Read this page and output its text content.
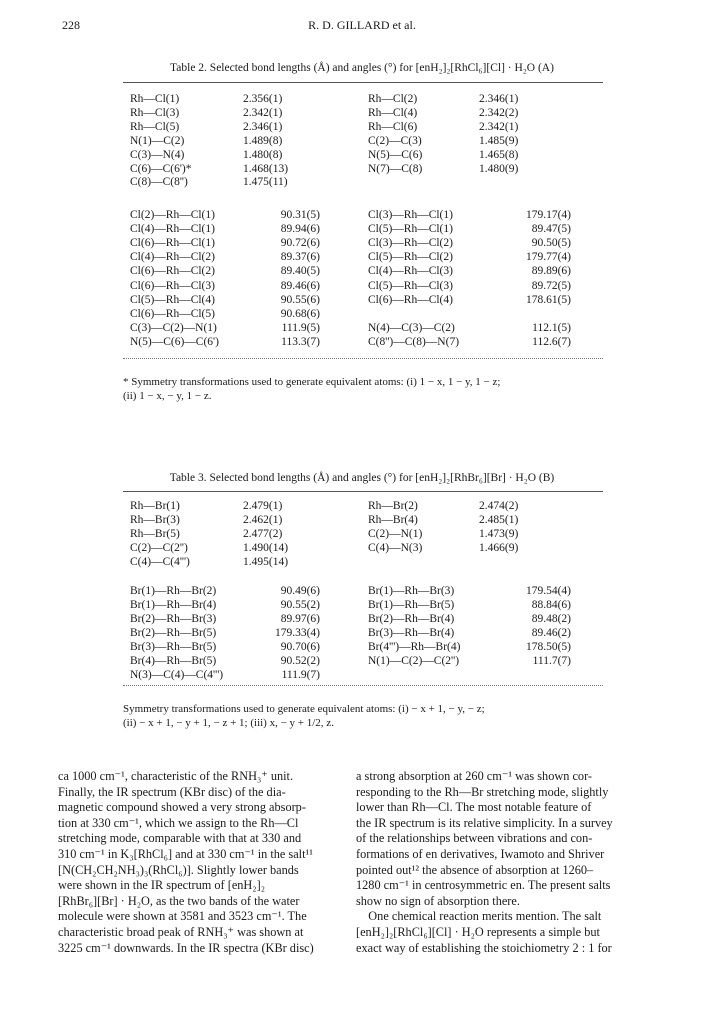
228	R. D. GILLARD et al.
Table 2. Selected bond lengths (Å) and angles (°) for [enH₂]₂[RhCl₆][Cl] · H₂O (A)
Rh—Cl(1)	2.356(1)	Rh—Cl(2)	2.346(1)
Rh—Cl(3)	2.342(1)	Rh—Cl(4)	2.342(2)
Rh—Cl(5)	2.346(1)	Rh—Cl(6)	2.342(1)
N(1)—C(2)	1.489(8)	C(2)—C(3)	1.485(9)
C(3)—N(4)	1.480(8)	N(5)—C(6)	1.465(8)
C(6)—C(6')*	1.468(13)	N(7)—C(8)	1.480(9)
C(8)—C(8'')	1.475(11)
Cl(2)—Rh—Cl(1)	90.31(5)	Cl(3)—Rh—Cl(1)	179.17(4)
Cl(4)—Rh—Cl(1)	89.94(6)	Cl(5)—Rh—Cl(1)	89.47(5)
Cl(6)—Rh—Cl(1)	90.72(6)	Cl(3)—Rh—Cl(2)	90.50(5)
Cl(4)—Rh—Cl(2)	89.37(6)	Cl(5)—Rh—Cl(2)	179.77(4)
Cl(6)—Rh—Cl(2)	89.40(5)	Cl(4)—Rh—Cl(3)	89.89(6)
Cl(6)—Rh—Cl(3)	89.46(6)	Cl(5)—Rh—Cl(3)	89.72(5)
Cl(5)—Rh—Cl(4)	90.55(6)	Cl(6)—Rh—Cl(4)	178.61(5)
Cl(6)—Rh—Cl(5)	90.68(6)
C(3)—C(2)—N(1)	111.9(5)	N(4)—C(3)—C(2)	112.1(5)
N(5)—C(6)—C(6')	113.3(7)	C(8'')—C(8)—N(7)	112.6(7)
* Symmetry transformations used to generate equivalent atoms: (i) 1 − x, 1 − y, 1 − z;
(ii) 1 − x, − y, 1 − z.
Table 3. Selected bond lengths (Å) and angles (°) for [enH₂]₂[RhBr₆][Br] · H₂O (B)
Rh—Br(1)	2.479(1)	Rh—Br(2)	2.474(2)
Rh—Br(3)	2.462(1)	Rh—Br(4)	2.485(1)
Rh—Br(5)	2.477(2)	C(2)—N(1)	1.473(9)
C(2)—C(2'')	1.490(14)	C(4)—N(3)	1.466(9)
C(4)—C(4''')	1.495(14)
Br(1)—Rh—Br(2)	90.49(6)	Br(1)—Rh—Br(3)	179.54(4)
Br(1)—Rh—Br(4)	90.55(2)	Br(1)—Rh—Br(5)	88.84(6)
Br(2)—Rh—Br(3)	89.97(6)	Br(2)—Rh—Br(4)	89.48(2)
Br(2)—Rh—Br(5)	179.33(4)	Br(3)—Rh—Br(4)	89.46(2)
Br(3)—Rh—Br(5)	90.70(6)	Br(4''')—Rh—Br(4)	178.50(5)
Br(4)—Rh—Br(5)	90.52(2)	N(1)—C(2)—C(2'')	111.7(7)
N(3)—C(4)—C(4''')	111.9(7)
Symmetry transformations used to generate equivalent atoms: (i) − x + 1, − y, − z;
(ii) − x + 1, − y + 1, − z + 1; (iii) x, − y + 1/2, z.
ca 1000 cm⁻¹, characteristic of the RNH₃⁺ unit.
Finally, the IR spectrum (KBr disc) of the dia-
magnetic compound showed a very strong absorp-
tion at 330 cm⁻¹, which we assign to the Rh—Cl
stretching mode, comparable with that at 330 and
310 cm⁻¹ in K₃[RhCl₆] and at 330 cm⁻¹ in the salt¹¹
[N(CH₂CH₂NH₃)₃(RhCl₆)]. Slightly lower bands
were shown in the IR spectrum of [enH₂]₂
[RhBr₆][Br] · H₂O, as the two bands of the water
molecule were shown at 3581 and 3523 cm⁻¹. The
characteristic broad peak of RNH₃⁺ was shown at
3225 cm⁻¹ downwards. In the IR spectra (KBr disc)
a strong absorption at 260 cm⁻¹ was shown cor-
responding to the Rh—Br stretching mode, slightly
lower than Rh—Cl. The most notable feature of
the IR spectrum is its relative simplicity. In a survey
of the relationships between vibrations and con-
formations of en derivatives, Iwamoto and Shriver
pointed out¹² the absence of absorption at 1260–
1280 cm⁻¹ in centrosymmetric en. The present salts
show no sign of absorption there.
One chemical reaction merits mention. The salt
[enH₂]₂[RhCl₆][Cl] · H₂O represents a simple but
exact way of establishing the stoichiometry 2 : 1 for
